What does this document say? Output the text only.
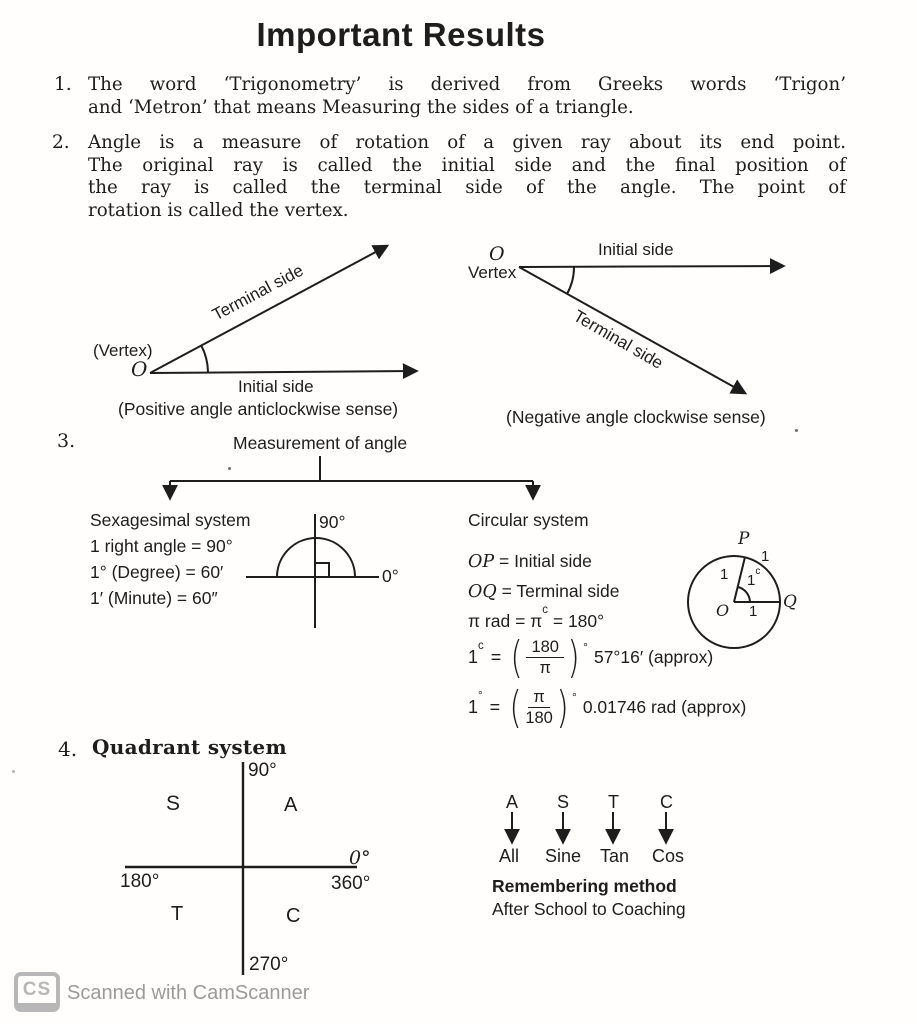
Important Results
1. The word ‘Trigonometry’ is derived from Greeks words ‘Trigon’
and ‘Metron’ that means Measuring the sides of a triangle.
2. Angle is a measure of rotation of a given ray about its end point.
The original ray is called the initial side and the final position of
the ray is called the terminal side of the angle. The point of
rotation is called the vertex.
Terminal side
(Vertex)
O
Initial side
(Positive angle anticlockwise sense)
O
Vertex
Initial side
Terminal side
(Negative angle clockwise sense)
3.	Measurement of angle
Sexagesimal system	Circular system
1 right angle = 90°
1° (Degree) = 60′
1′ (Minute) = 60″
90°
0°
OP = Initial side
OQ = Terminal side
π rad = $\pi^c = 180^\circ$
$1^c$
= ( $\frac{180}{\pi}$ ) °
57°16′ (approx)
1°
= ( $\frac{\pi}{180}$ ) °
0.01746 rad (approx)
P
1
1 1$^c$
O 1 Q
4. Quadrant system
90°
S	A
0°
180°	360°
T	C
270°
A S T C
All Sine Tan Cos
Remembering method
After School to Coaching
CS Scanned with CamScanner
